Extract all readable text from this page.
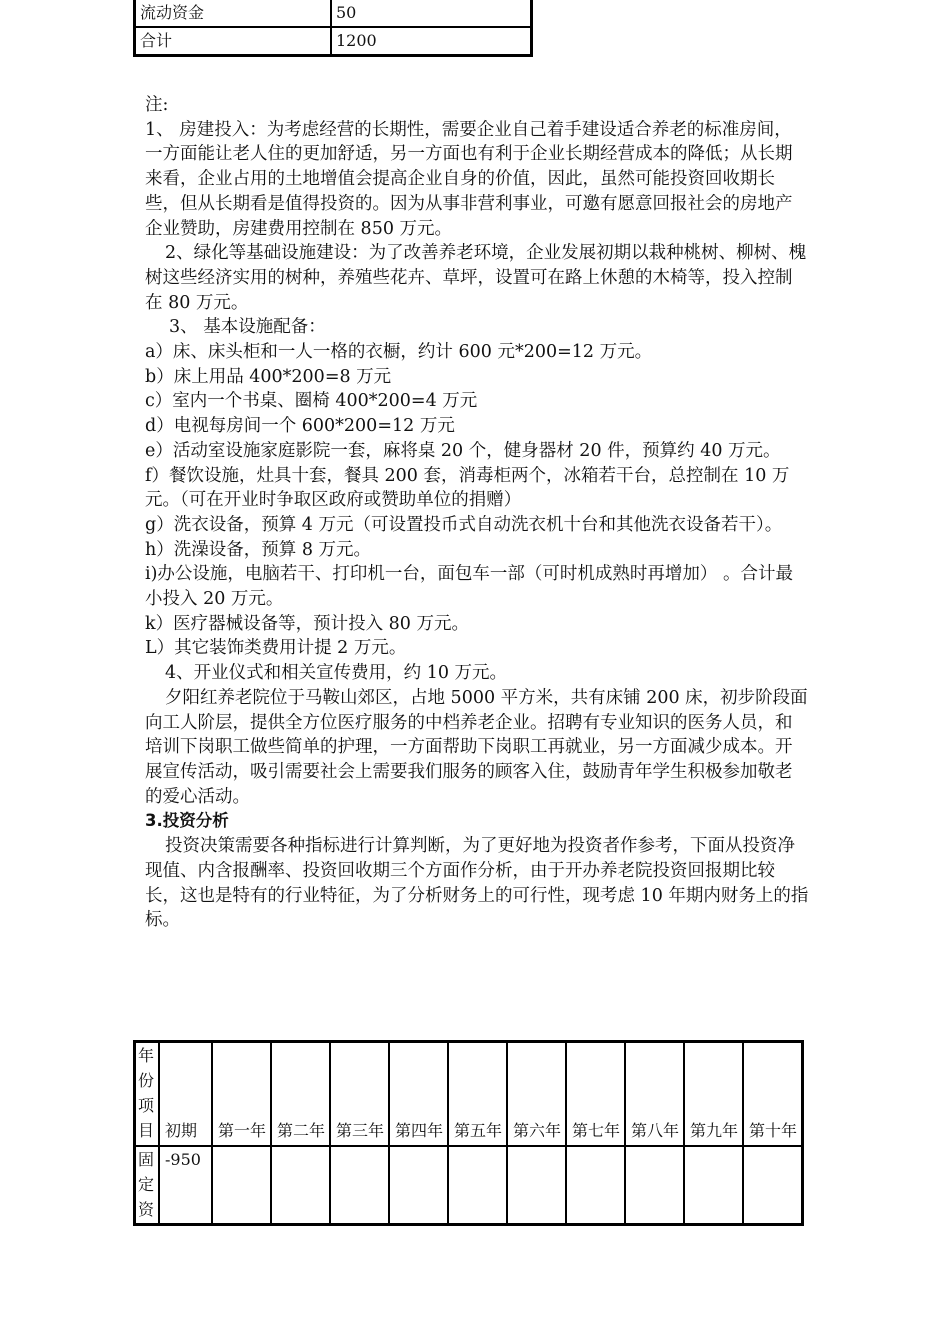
流动资金	50
合计	1200

注:

1、 房建投入：为考虑经营的长期性，需要企业自己着手建设适合养老的标准房间，一方面能让老人住的更加舒适，另一方面也有利于企业长期经营成本的降低；从长期来看，企业占用的土地增值会提高企业自身的价值，因此，虽然可能投资回收期长些，但从长期看是值得投资的。因为从事非营利事业，可邀有愿意回报社会的房地产企业赞助，房建费用控制在 850 万元。

2、绿化等基础设施建设：为了改善养老环境，企业发展初期以栽种桃树、柳树、槐树这些经济实用的树种，养殖些花卉、草坪，设置可在路上休憩的木椅等，投入控制在 80 万元。

3、 基本设施配备：

a）床、床头柜和一人一格的衣橱，约计 600 元*200=12 万元。

b）床上用品 400*200=8 万元

c）室内一个书桌、圈椅 400*200=4 万元

d）电视每房间一个 600*200=12 万元

e）活动室设施家庭影院一套，麻将桌 20 个，健身器材 20 件，预算约 40 万元。

f）餐饮设施，灶具十套，餐具 200 套，消毒柜两个，冰箱若干台，总控制在 10 万元。（可在开业时争取区政府或赞助单位的捐赠）

g）洗衣设备，预算 4 万元（可设置投币式自动洗衣机十台和其他洗衣设备若干）。

h）洗澡设备，预算 8 万元。

i)办公设施，电脑若干、打印机一台，面包车一部（可时机成熟时再增加） 。合计最小投入 20 万元。

k）医疗器械设备等，预计投入 80 万元。

L）其它装饰类费用计提 2 万元。

4、开业仪式和相关宣传费用，约 10 万元。

夕阳红养老院位于马鞍山郊区，占地 5000 平方米，共有床铺 200 床，初步阶段面向工人阶层，提供全方位医疗服务的中档养老企业。招聘有专业知识的医务人员，和培训下岗职工做些简单的护理，一方面帮助下岗职工再就业，另一方面减少成本。开展宣传活动，吸引需要社会上需要我们服务的顾客入住，鼓励青年学生积极参加敬老的爱心活动。

3.投资分析

投资决策需要各种指标进行计算判断，为了更好地为投资者作参考，下面从投资净现值、内含报酬率、投资回收期三个方面作分析，由于开办养老院投资回报期比较长，这也是特有的行业特征，为了分析财务上的可行性，现考虑 10 年期内财务上的指标。

年份项目	初期	第一年	第二年	第三年	第四年	第五年	第六年	第七年	第八年	第九年	第十年
固定资	-950										
